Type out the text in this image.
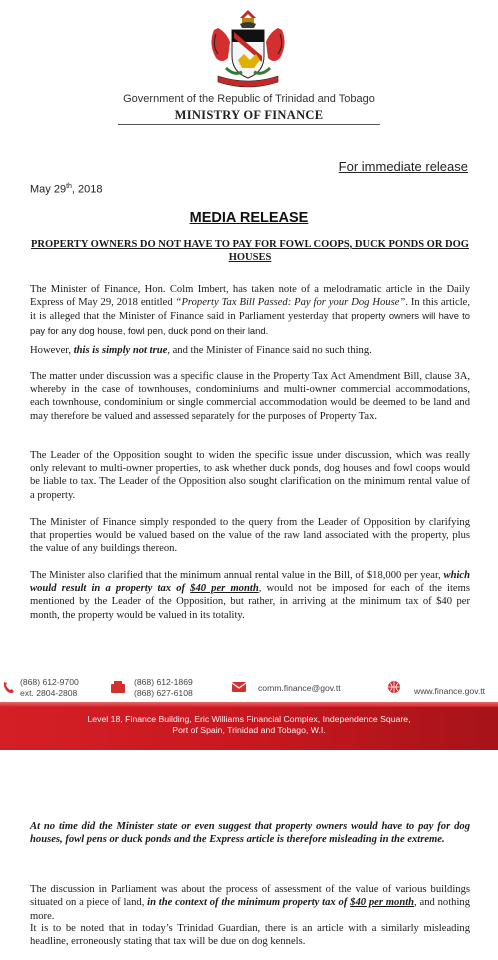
Government of the Republic of Trinidad and Tobago
MINISTRY OF FINANCE
For immediate release
May 29th, 2018
MEDIA RELEASE
PROPERTY OWNERS DO NOT HAVE TO PAY FOR FOWL COOPS, DUCK PONDS OR DOG HOUSES
The Minister of Finance, Hon. Colm Imbert, has taken note of a melodramatic article in the Daily Express of May 29, 2018 entitled “Property Tax Bill Passed: Pay for your Dog House”. In this article, it is alleged that the Minister of Finance said in Parliament yesterday that property owners will have to pay for any dog house, fowl pen, duck pond on their land.
However, this is simply not true, and the Minister of Finance said no such thing.
The matter under discussion was a specific clause in the Property Tax Act Amendment Bill, clause 3A, whereby in the case of townhouses, condominiums and multi-owner commercial accommodations, each townhouse, condominium or single commercial accommodation would be deemed to be land and may therefore be valued and assessed separately for the purposes of Property Tax.
The Leader of the Opposition sought to widen the specific issue under discussion, which was really only relevant to multi-owner properties, to ask whether duck ponds, dog houses and fowl coops would be liable to tax. The Leader of the Opposition also sought clarification on the minimum rental value of a property.
The Minister of Finance simply responded to the query from the Leader of Opposition by clarifying that properties would be valued based on the value of the raw land associated with the property, plus the value of any buildings thereon.
The Minister also clarified that the minimum annual rental value in the Bill, of $18,000 per year, which would result in a property tax of $40 per month, would not be imposed for each of the items mentioned by the Leader of the Opposition, but rather, in arriving at the minimum tax of $40 per month, the property would be valued in its totality.
(868) 612-9700
ext. 2804-2808
(868) 612-1869
(868) 627-6108	comm.finance@gov.tt	www.finance.gov.tt
Level 18, Finance Building, Eric Williams Financial Complex, Independence Square,
Port of Spain, Trinidad and Tobago, W.I.
At no time did the Minister state or even suggest that property owners would have to pay for dog houses, fowl pens or duck ponds and the Express article is therefore misleading in the extreme.
The discussion in Parliament was about the process of assessment of the value of various buildings situated on a piece of land, in the context of the minimum property tax of $40 per month, and nothing more.
It is to be noted that in today’s Trinidad Guardian, there is an article with a similarly misleading headline, erroneously stating that tax will be due on dog kennels.
